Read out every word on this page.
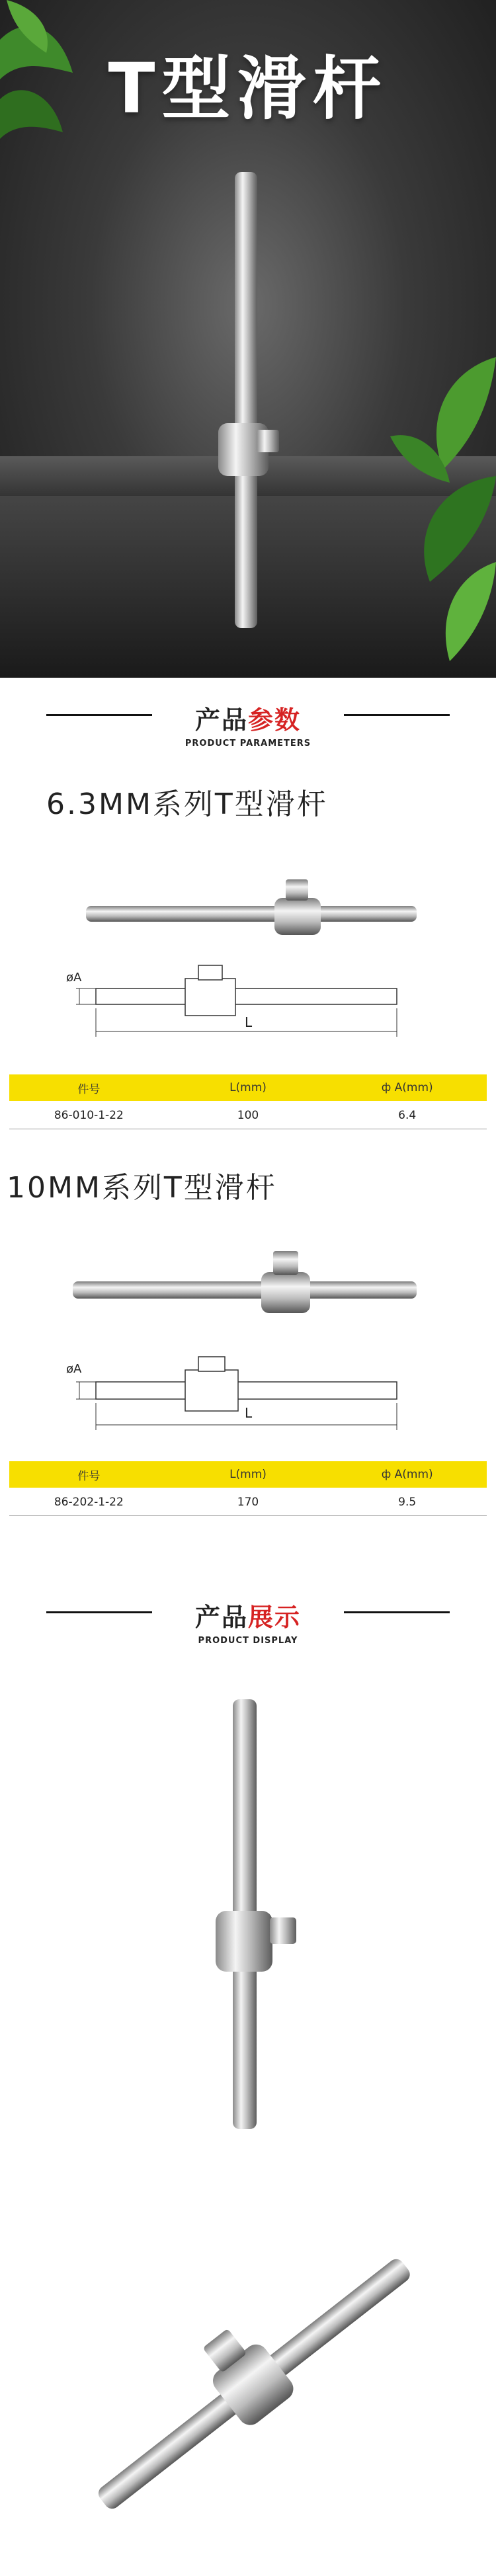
T型滑杆
产品参数
PRODUCT PARAMETERS
6.3MM系列T型滑杆
øA
L
件号	L(mm)	ф A(mm)
86-010-1-22	100	6.4
10MM系列T型滑杆
øA
L
件号	L(mm)	ф A(mm)
86-202-1-22	170	9.5
产品展示
PRODUCT DISPLAY
